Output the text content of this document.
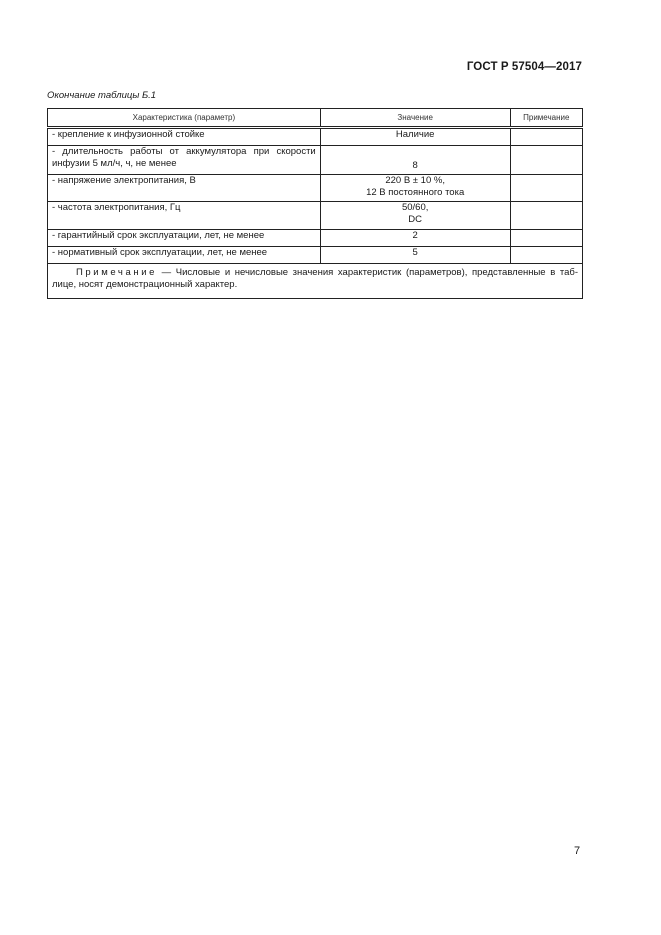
ГОСТ Р 57504—2017
Окончание таблицы Б.1
Характеристика (параметр)	Значение	Примечание
- крепление к инфузионной стойке	Наличие	
- длительность работы от аккумулятора при скорости инфузии 5 мл/ч, ч, не менее	8	
- напряжение электропитания, В	220 В ± 10 %,
12 В постоянного тока	

- частота электропитания, Гц	50/60,
DC	

- гарантийный срок эксплуатации, лет, не менее	2	
- нормативный срок эксплуатации, лет, не менее	5	

Примечание — Числовые и нечисловые значения характеристик (параметров), представленные в таб-
лице, носят демонстрационный характер.		
7
